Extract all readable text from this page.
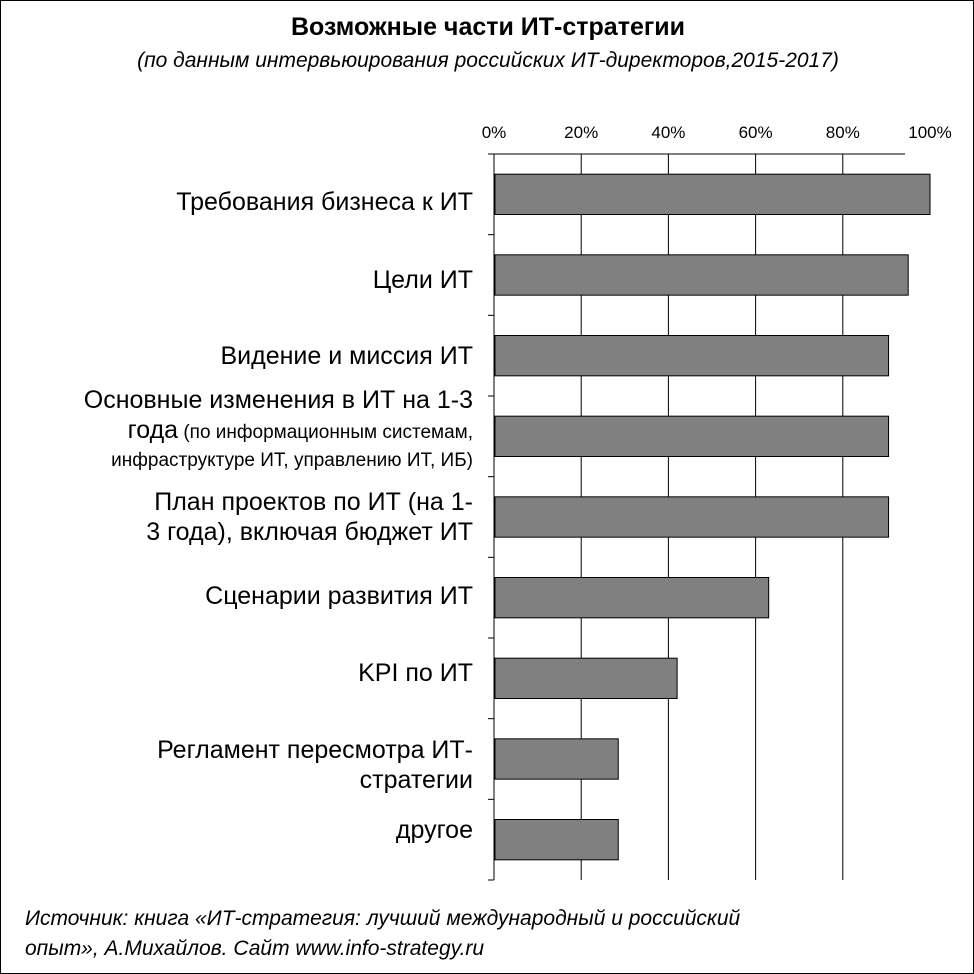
Возможные части ИТ-стратегии
(по данным интервьюирования российских ИТ-директоров,2015-2017)
0%	20%	40%	60%	80%	100%
Требования бизнеса к ИТ
Цели ИТ
Видение и миссия ИТ
Основные изменения в ИТ на 1-3
года (по информационным системам,
инфраструктуре ИТ, управлению ИТ, ИБ)
План проектов по ИТ (на 1-
3 года), включая бюджет ИТ
Сценарии развития ИТ
KPI по ИТ
Регламент пересмотра ИТ-
стратегии
другое
Источник: книга «ИТ-стратегия: лучший международный и российский
опыт», А.Михайлов. Сайт www.info-strategy.ru
